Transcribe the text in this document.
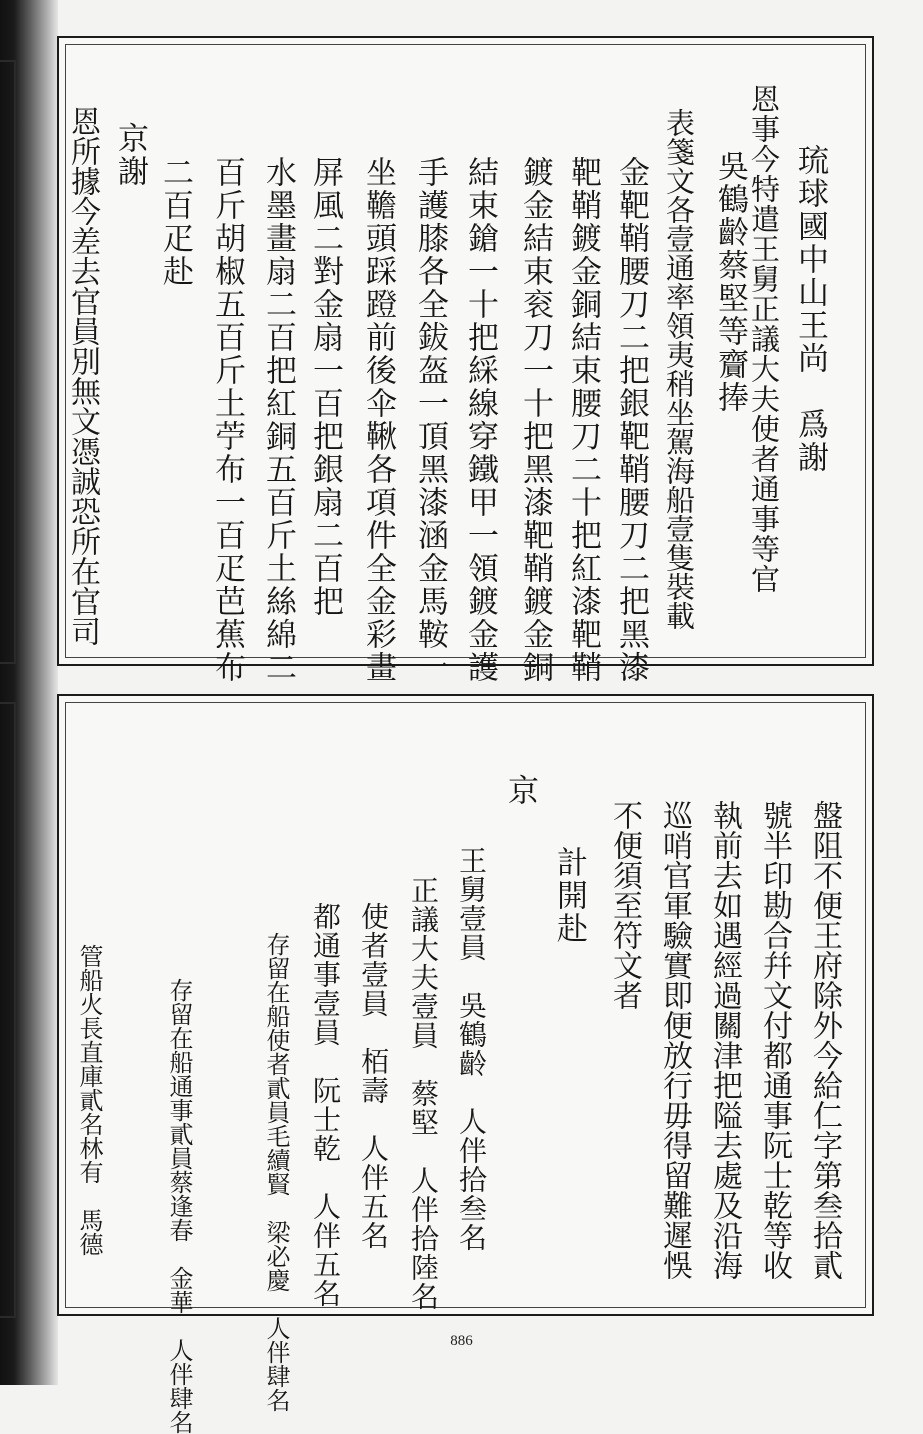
琉球國中山王尚　爲謝
恩事今特遣王舅正議大夫使者通事等官
吳鶴齡蔡堅等齎捧
表箋文各壹通率領夷稍坐駕海船壹隻裝載
金靶鞘腰刀二把銀靶鞘腰刀二把黑漆
靶鞘鍍金銅結束腰刀二十把紅漆靶鞘
鍍金結束衮刀一十把黑漆靶鞘鍍金銅
結束鎗一十把綵線穿鐵甲一領鍍金護
手護膝各全鈸盔一頂黑漆涵金馬鞍一
坐韂頭踩蹬前後伞鞦各項件全金彩畫
屏風二對金扇一百把銀扇二百把
水墨畫扇二百把紅銅五百斤土絲綿二
百斤胡椒五百斤土苧布一百疋芭蕉布
二百疋赴
京謝
恩所據今差去官員別無文憑誠恐所在官司
盤阻不便王府除外今給仁字第叁拾貳
號半印勘合幷文付都通事阮士乾等收
執前去如遇經過關津把隘去處及沿海
巡哨官軍驗實即便放行毋得留難遲悞
不便須至符文者
計開赴
京
王舅壹員　吳鶴齡　人伴拾叁名
正議大夫壹員　蔡堅　人伴拾陸名
使者壹員　栢壽　人伴五名
都通事壹員　阮士乾　人伴五名
存留在船使者貳員毛續賢　梁必慶　人伴肆名
存留在船通事貳員蔡逢春　金華　人伴肆名
管船火長直庫貳名林有　馬德
886
